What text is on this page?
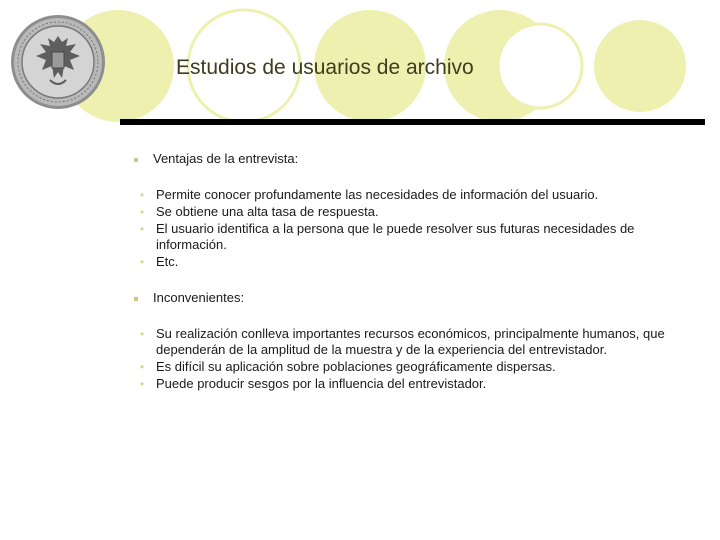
Estudios de usuarios de archivo
Ventajas de la entrevista:
• Permite conocer profundamente las necesidades de información del usuario.
• Se obtiene una alta tasa de respuesta.
• El usuario identifica a la persona que le puede resolver sus futuras necesidades de información.
• Etc.
Inconvenientes:
• Su realización conlleva importantes recursos económicos, principalmente humanos, que dependerán de la amplitud de la muestra y de la experiencia del entrevistador.
• Es difícil su aplicación sobre poblaciones geográficamente dispersas.
• Puede producir sesgos por la influencia del entrevistador.
